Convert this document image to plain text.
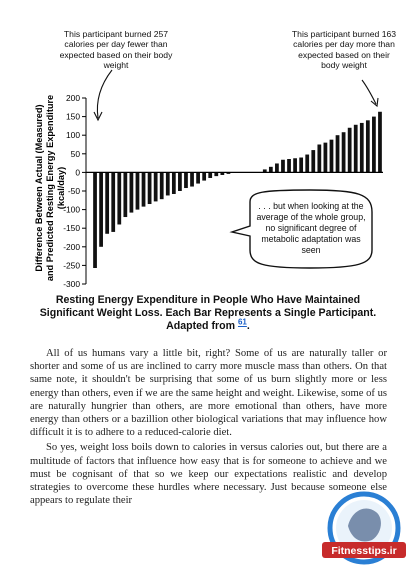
Difference Between Actual (Measured) and Predicted Resting Energy Expenditure (kcal/day)
-300
-250
-200
-150
-100
-50
0
50
100
150
200
This participant burned 257 calories per day fewer than expected based on their body weight
This participant burned 163 calories per day more than expected based on their body weight
. . . but when looking at the average of the whole group, no significant degree of metabolic adaptation was seen
Resting Energy Expenditure in People Who Have Maintained Significant Weight Loss. Each Bar Represents a Single Participant. Adapted from $^{61}$.

All of us humans vary a little bit, right? Some of us are naturally taller or shorter and some of us are inclined to carry more muscle mass than others. On that same note, it shouldn't be surprising that some of us burn slightly more or less energy than others, even if we are the same height and weight. Likewise, some of us are naturally hungrier than others, are more emotional than others, have more energy than others or a bazillion other biological variations that may influence how difficult it is to adhere to a reduced-calorie diet.

So yes, weight loss boils down to calories in versus calories out, but there are a multitude of factors that influence how easy that is for someone to achieve and we must be cognisant of that so we keep our expectations realistic and develop strategies to overcome these hurdles where necessary. Just because someone else appears to regulate their

Fitnesstips.ir
